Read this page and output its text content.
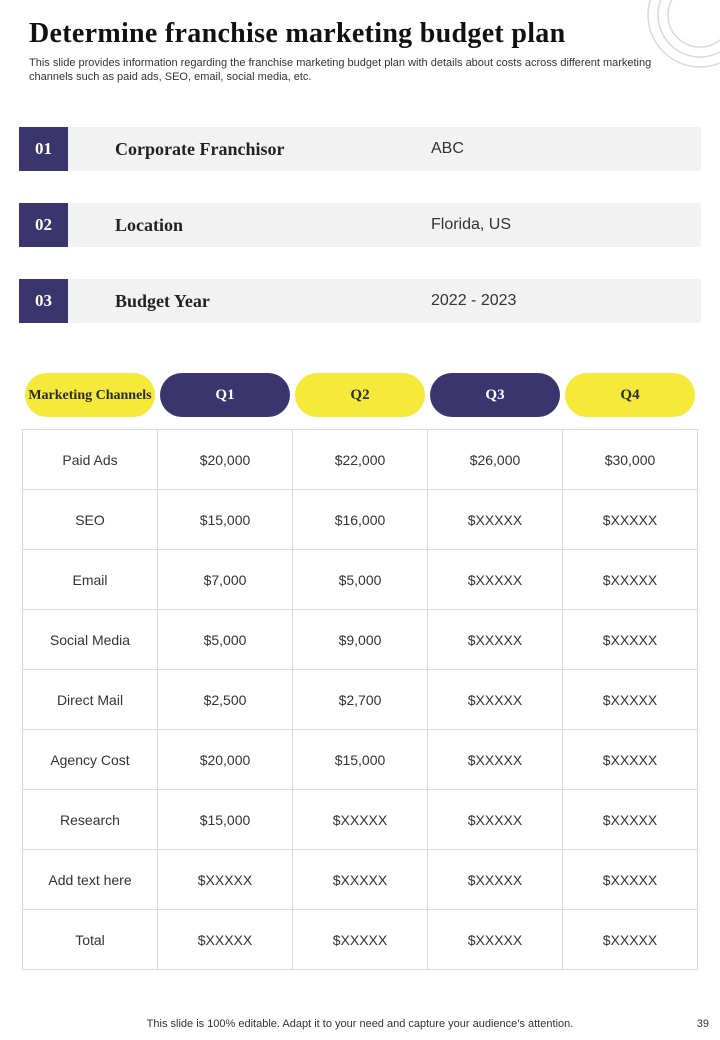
Determine franchise marketing budget plan
This slide provides information regarding the franchise marketing budget plan with details about costs across different marketing channels such as paid ads, SEO, email, social media, etc.
01	Corporate Franchisor	ABC
02	Location	Florida, US
03	Budget Year	2022 - 2023
Marketing Channels	Q1	Q2	Q3	Q4
Paid Ads	$20,000	$22,000	$26,000	$30,000
SEO	$15,000	$16,000	$XXXXX	$XXXXX
Email	$7,000	$5,000	$XXXXX	$XXXXX
Social Media	$5,000	$9,000	$XXXXX	$XXXXX
Direct Mail	$2,500	$2,700	$XXXXX	$XXXXX
Agency Cost	$20,000	$15,000	$XXXXX	$XXXXX
Research	$15,000	$XXXXX	$XXXXX	$XXXXX
Add text here	$XXXXX	$XXXXX	$XXXXX	$XXXXX
Total	$XXXXX	$XXXXX	$XXXXX	$XXXXX
This slide is 100% editable. Adapt it to your need and capture your audience’s attention.	39
